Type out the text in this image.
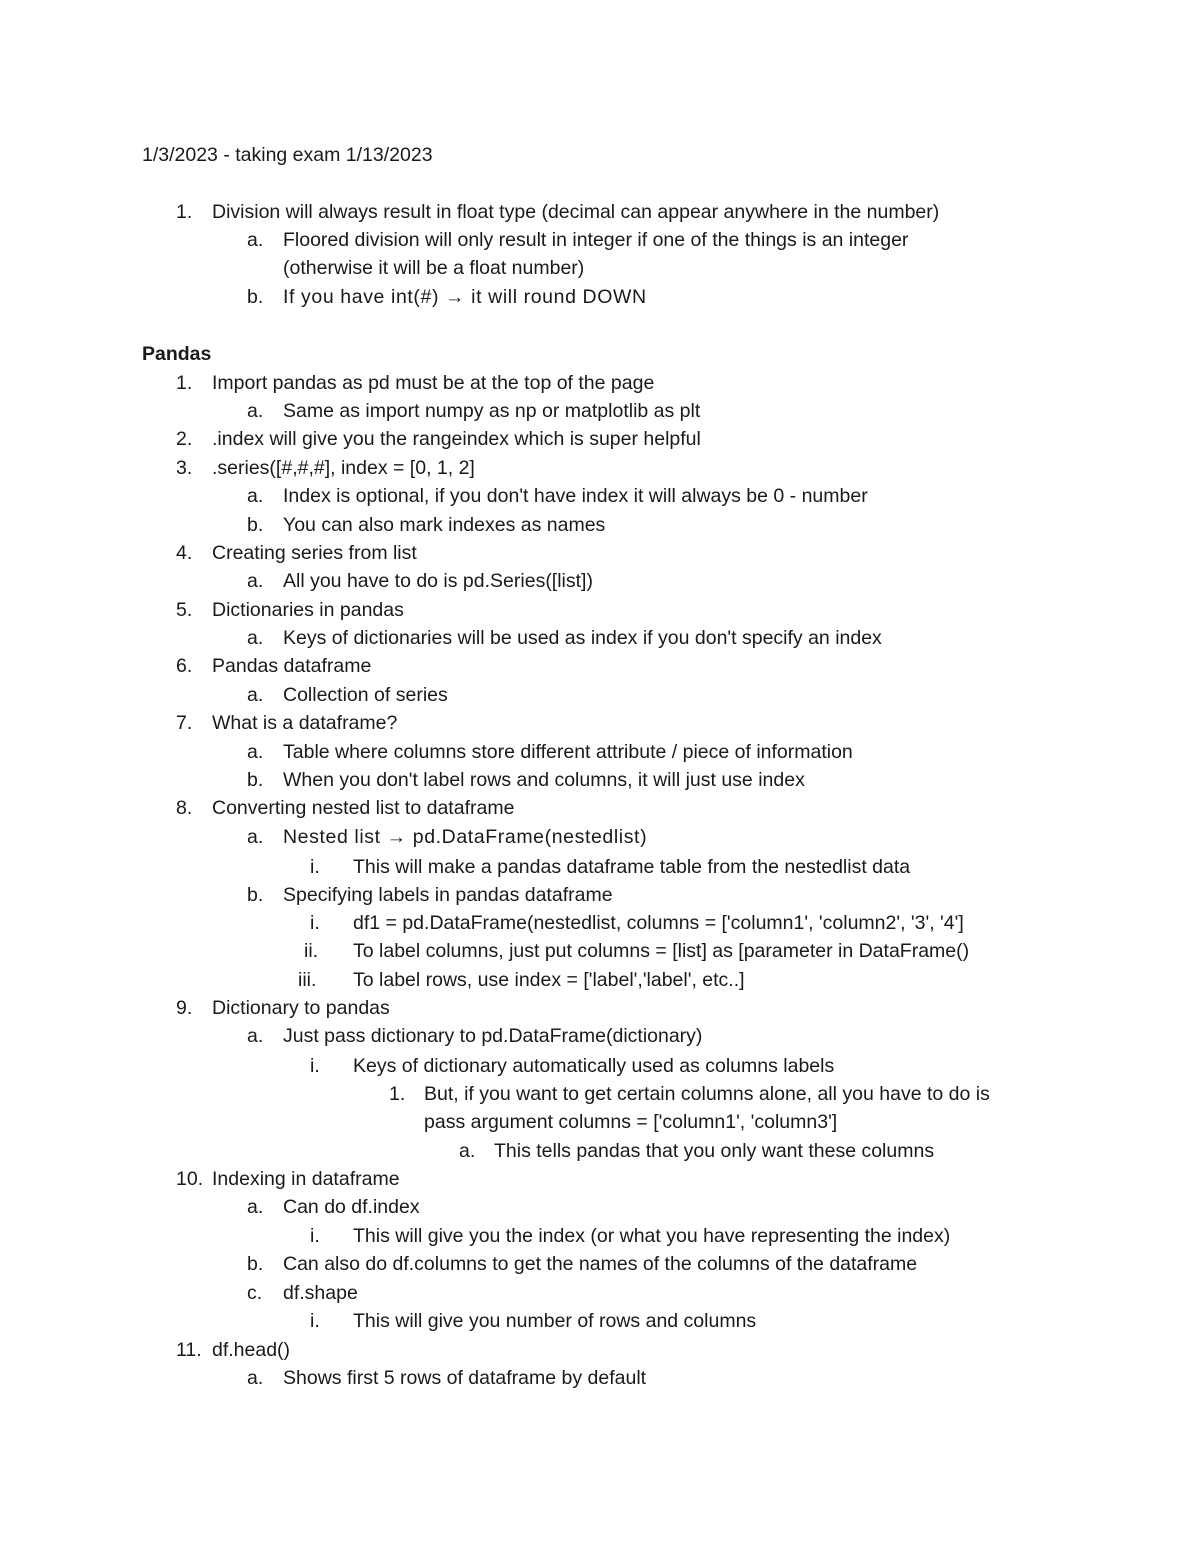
1/3/2023 - taking exam 1/13/2023
1. Division will always result in float type (decimal can appear anywhere in the number)
a. Floored division will only result in integer if one of the things is an integer
(otherwise it will be a float number)
b. If you have int(#) → it will round DOWN
Pandas
1. Import pandas as pd must be at the top of the page
a. Same as import numpy as np or matplotlib as plt
2. .index will give you the rangeindex which is super helpful
3. .series([#,#,#], index = [0, 1, 2]
a. Index is optional, if you don't have index it will always be 0 - number
b. You can also mark indexes as names
4. Creating series from list
a. All you have to do is pd.Series([list])
5. Dictionaries in pandas
a. Keys of dictionaries will be used as index if you don't specify an index
6. Pandas dataframe
a. Collection of series
7. What is a dataframe?
a. Table where columns store different attribute / piece of information
b. When you don't label rows and columns, it will just use index
8. Converting nested list to dataframe
a. Nested list → pd.DataFrame(nestedlist)
i. This will make a pandas dataframe table from the nestedlist data
b. Specifying labels in pandas dataframe
i. df1 = pd.DataFrame(nestedlist, columns = ['column1', 'column2', '3', '4']
ii. To label columns, just put columns = [list] as [parameter in DataFrame()
iii. To label rows, use index = ['label','label', etc..]
9. Dictionary to pandas
a. Just pass dictionary to pd.DataFrame(dictionary)
i. Keys of dictionary automatically used as columns labels
1. But, if you want to get certain columns alone, all you have to do is
pass argument columns = ['column1', 'column3']
a. This tells pandas that you only want these columns
10. Indexing in dataframe
a. Can do df.index
i. This will give you the index (or what you have representing the index)
b. Can also do df.columns to get the names of the columns of the dataframe
c. df.shape
i. This will give you number of rows and columns
11. df.head()
a. Shows first 5 rows of dataframe by default
